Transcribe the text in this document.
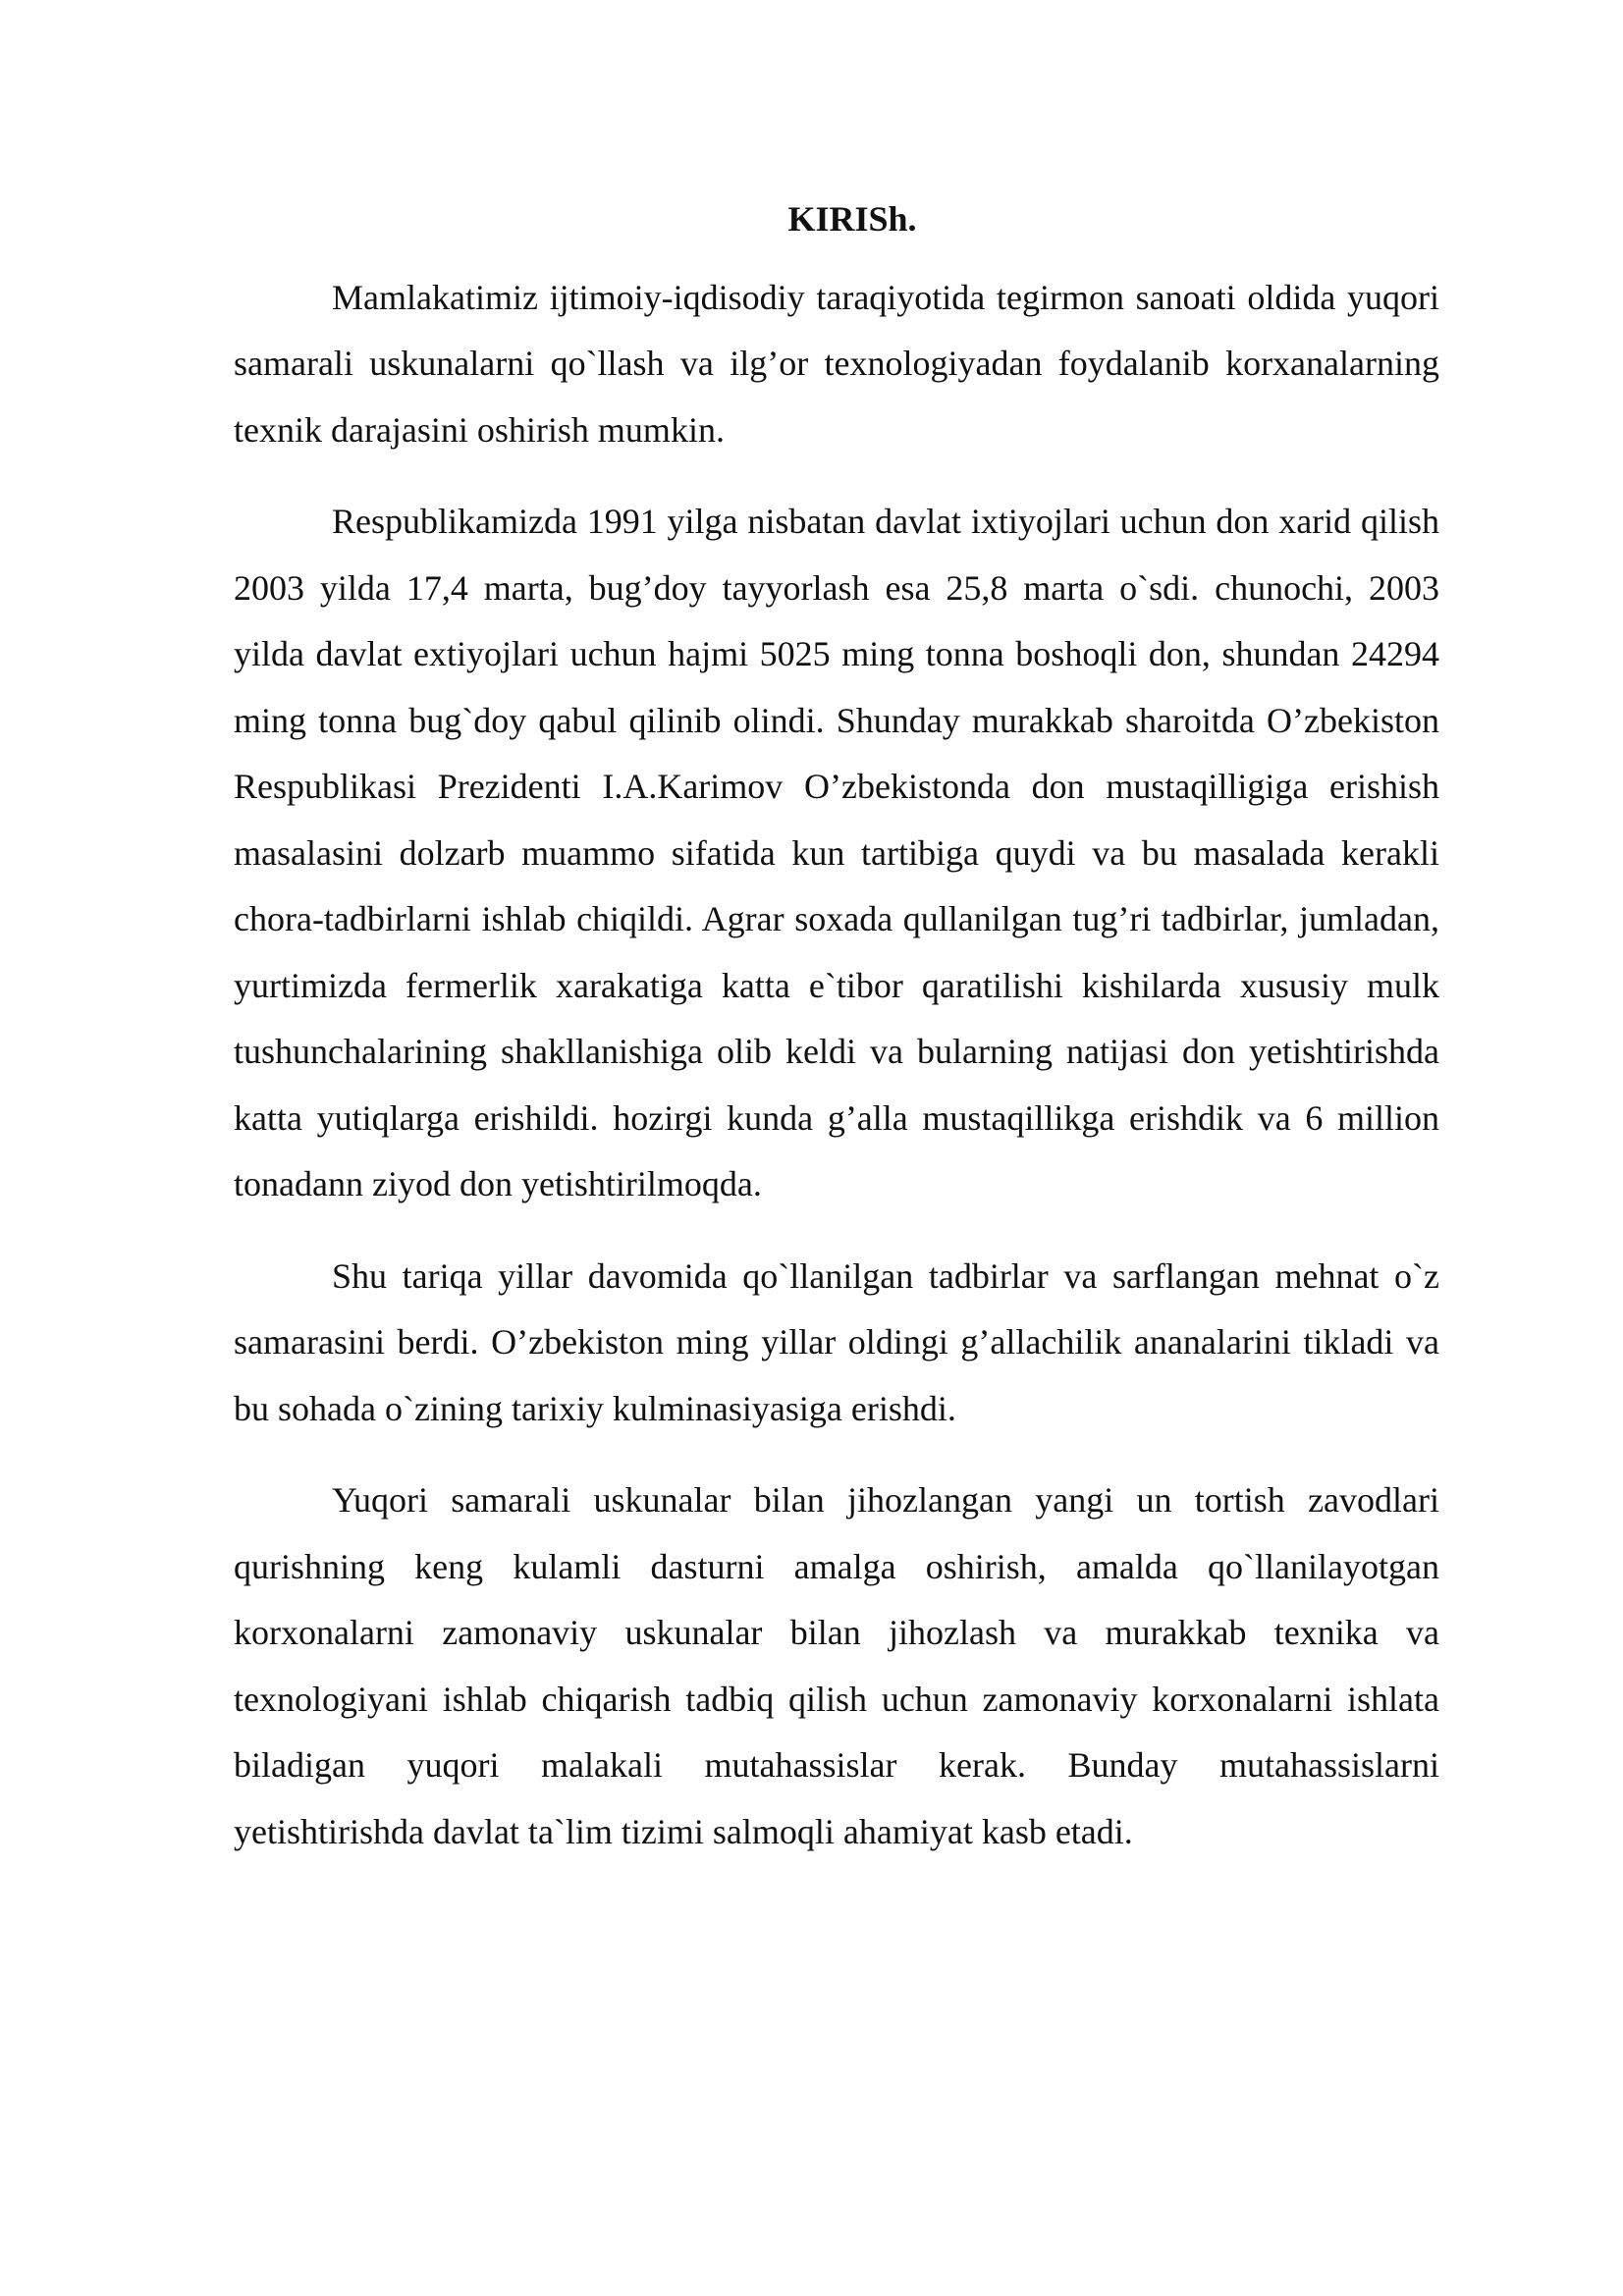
KIRISh.

Mamlakatimiz ijtimoiy-iqdisodiy taraqiyotida tegirmon sanoati oldida yuqori samarali uskunalarni qo`llash va ilg’or texnologiyadan foydalanib korxanalarning texnik darajasini oshirish mumkin.

Respublikamizda 1991 yilga nisbatan davlat ixtiyojlari uchun don xarid qilish 2003 yilda 17,4 marta, bug’doy tayyorlash esa 25,8 marta o`sdi. chunochi, 2003 yilda davlat extiyojlari uchun hajmi 5025 ming tonna boshoqli don, shundan 24294 ming tonna bug`doy qabul qilinib olindi. Shunday murakkab sharoitda O’zbekiston Respublikasi Prezidenti I.A.Karimov O’zbekistonda don mustaqilligiga erishish masalasini dolzarb muammo sifatida kun tartibiga quydi va bu masalada kerakli chora-tadbirlarni ishlab chiqildi. Agrar soxada qullanilgan tug’ri tadbirlar, jumladan, yurtimizda fermerlik xarakatiga katta e`tibor qaratilishi kishilarda xususiy mulk tushunchalarining shakllanishiga olib keldi va bularning natijasi don yetishtirishda katta yutiqlarga erishildi. hozirgi kunda g’alla mustaqillikga erishdik va 6 million tonadann ziyod don yetishtirilmoqda.

Shu tariqa yillar davomida qo`llanilgan tadbirlar va sarflangan mehnat o`z samarasini berdi. O’zbekiston ming yillar oldingi g’allachilik ananalarini tikladi va bu sohada o`zining tarixiy kulminasiyasiga erishdi.

Yuqori samarali uskunalar bilan jihozlangan yangi un tortish zavodlari qurishning keng kulamli dasturni amalga oshirish, amalda qo`llanilayotgan korxonalarni zamonaviy uskunalar bilan jihozlash va murakkab texnika va texnologiyani ishlab chiqarish tadbiq qilish uchun zamonaviy korxonalarni ishlata biladigan yuqori malakali mutahassislar kerak. Bunday mutahassislarni yetishtirishda davlat ta`lim tizimi salmoqli ahamiyat kasb etadi.
